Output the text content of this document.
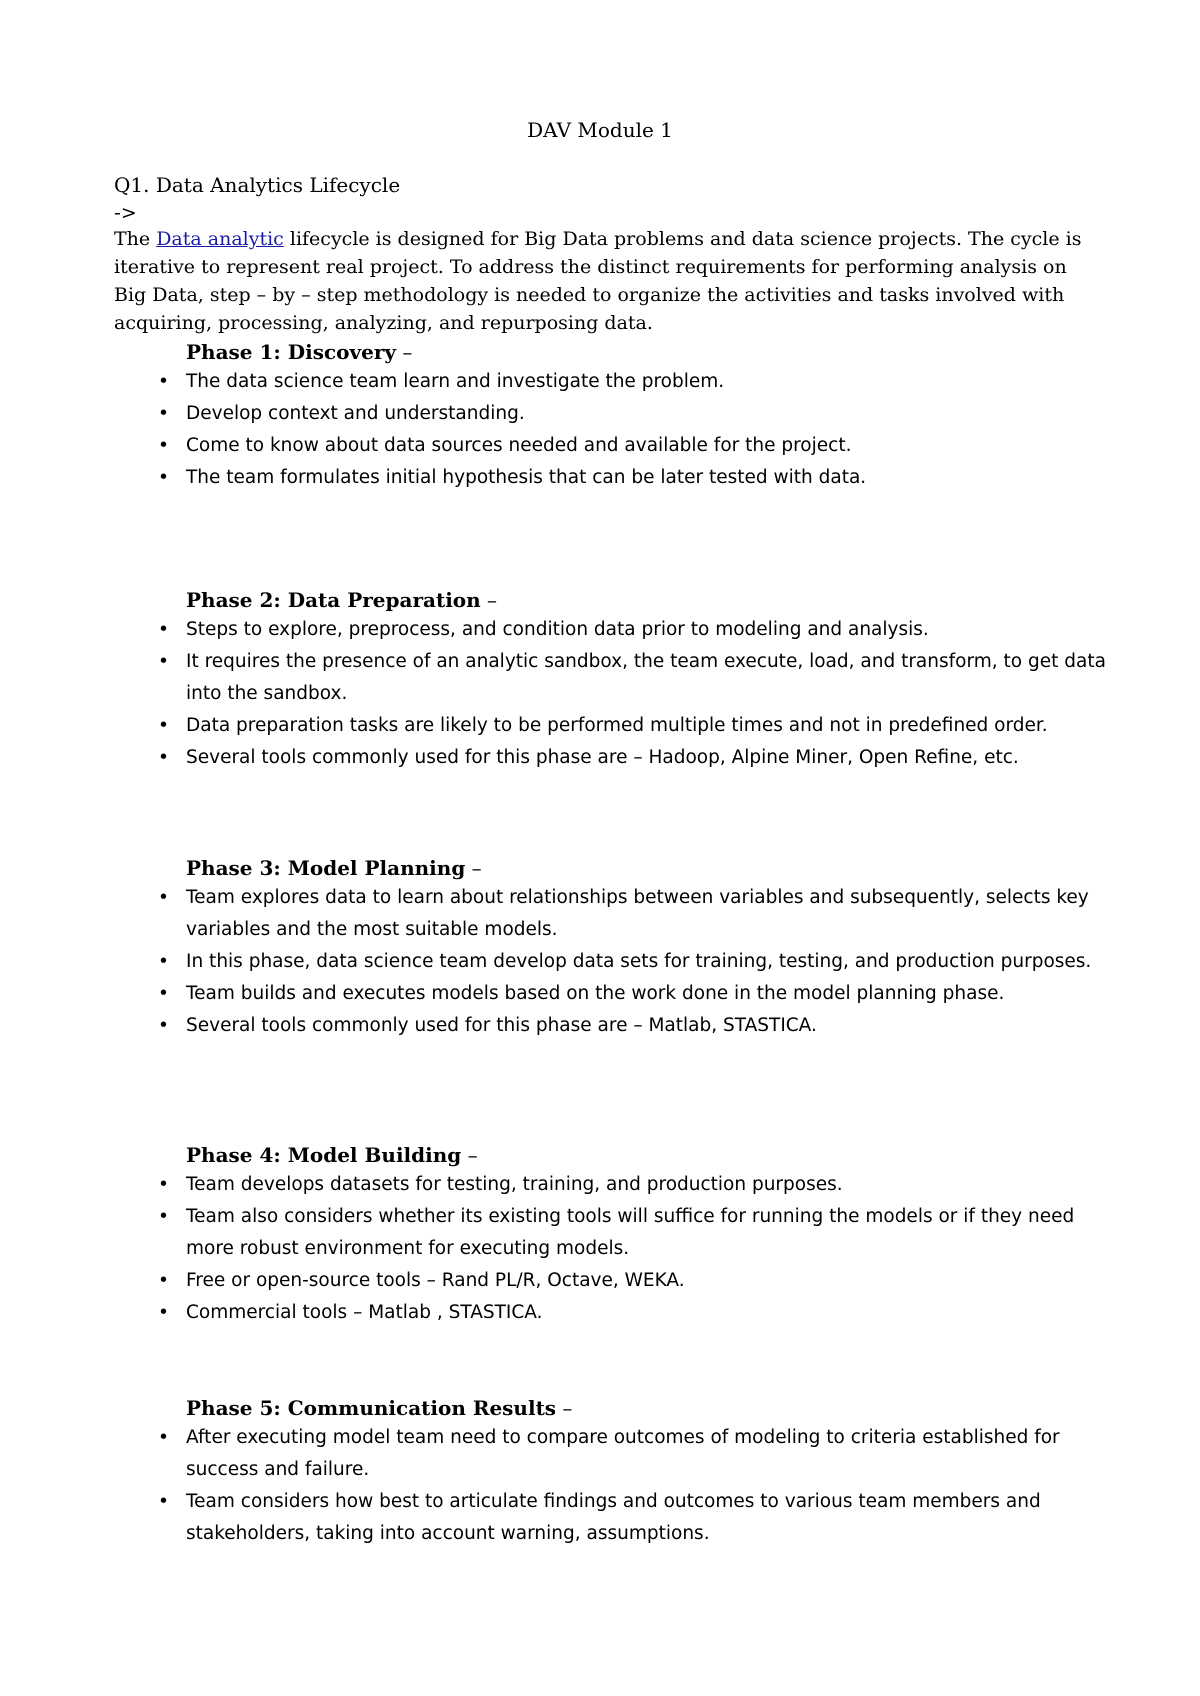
DAV Module 1
Q1. Data Analytics Lifecycle
->
The Data analytic lifecycle is designed for Big Data problems and data science projects. The cycle is iterative to represent real project. To address the distinct requirements for performing analysis on Big Data, step – by – step methodology is needed to organize the activities and tasks involved with acquiring, processing, analyzing, and repurposing data.

Phase 1: Discovery –

• The data science team learn and investigate the problem.
• Develop context and understanding.
• Come to know about data sources needed and available for the project.
• The team formulates initial hypothesis that can be later tested with data.

Phase 2: Data Preparation –

• Steps to explore, preprocess, and condition data prior to modeling and analysis.
• It requires the presence of an analytic sandbox, the team execute, load, and transform, to get data into the sandbox.
• Data preparation tasks are likely to be performed multiple times and not in predefined order.
• Several tools commonly used for this phase are – Hadoop, Alpine Miner, Open Refine, etc.

Phase 3: Model Planning –

• Team explores data to learn about relationships between variables and subsequently, selects key variables and the most suitable models.
• In this phase, data science team develop data sets for training, testing, and production purposes.
• Team builds and executes models based on the work done in the model planning phase.
• Several tools commonly used for this phase are – Matlab, STASTICA.

Phase 4: Model Building –

• Team develops datasets for testing, training, and production purposes.
• Team also considers whether its existing tools will suffice for running the models or if they need more robust environment for executing models.
• Free or open-source tools – Rand PL/R, Octave, WEKA.
• Commercial tools – Matlab , STASTICA.

Phase 5: Communication Results –

• After executing model team need to compare outcomes of modeling to criteria established for success and failure.
• Team considers how best to articulate findings and outcomes to various team members and stakeholders, taking into account warning, assumptions.
